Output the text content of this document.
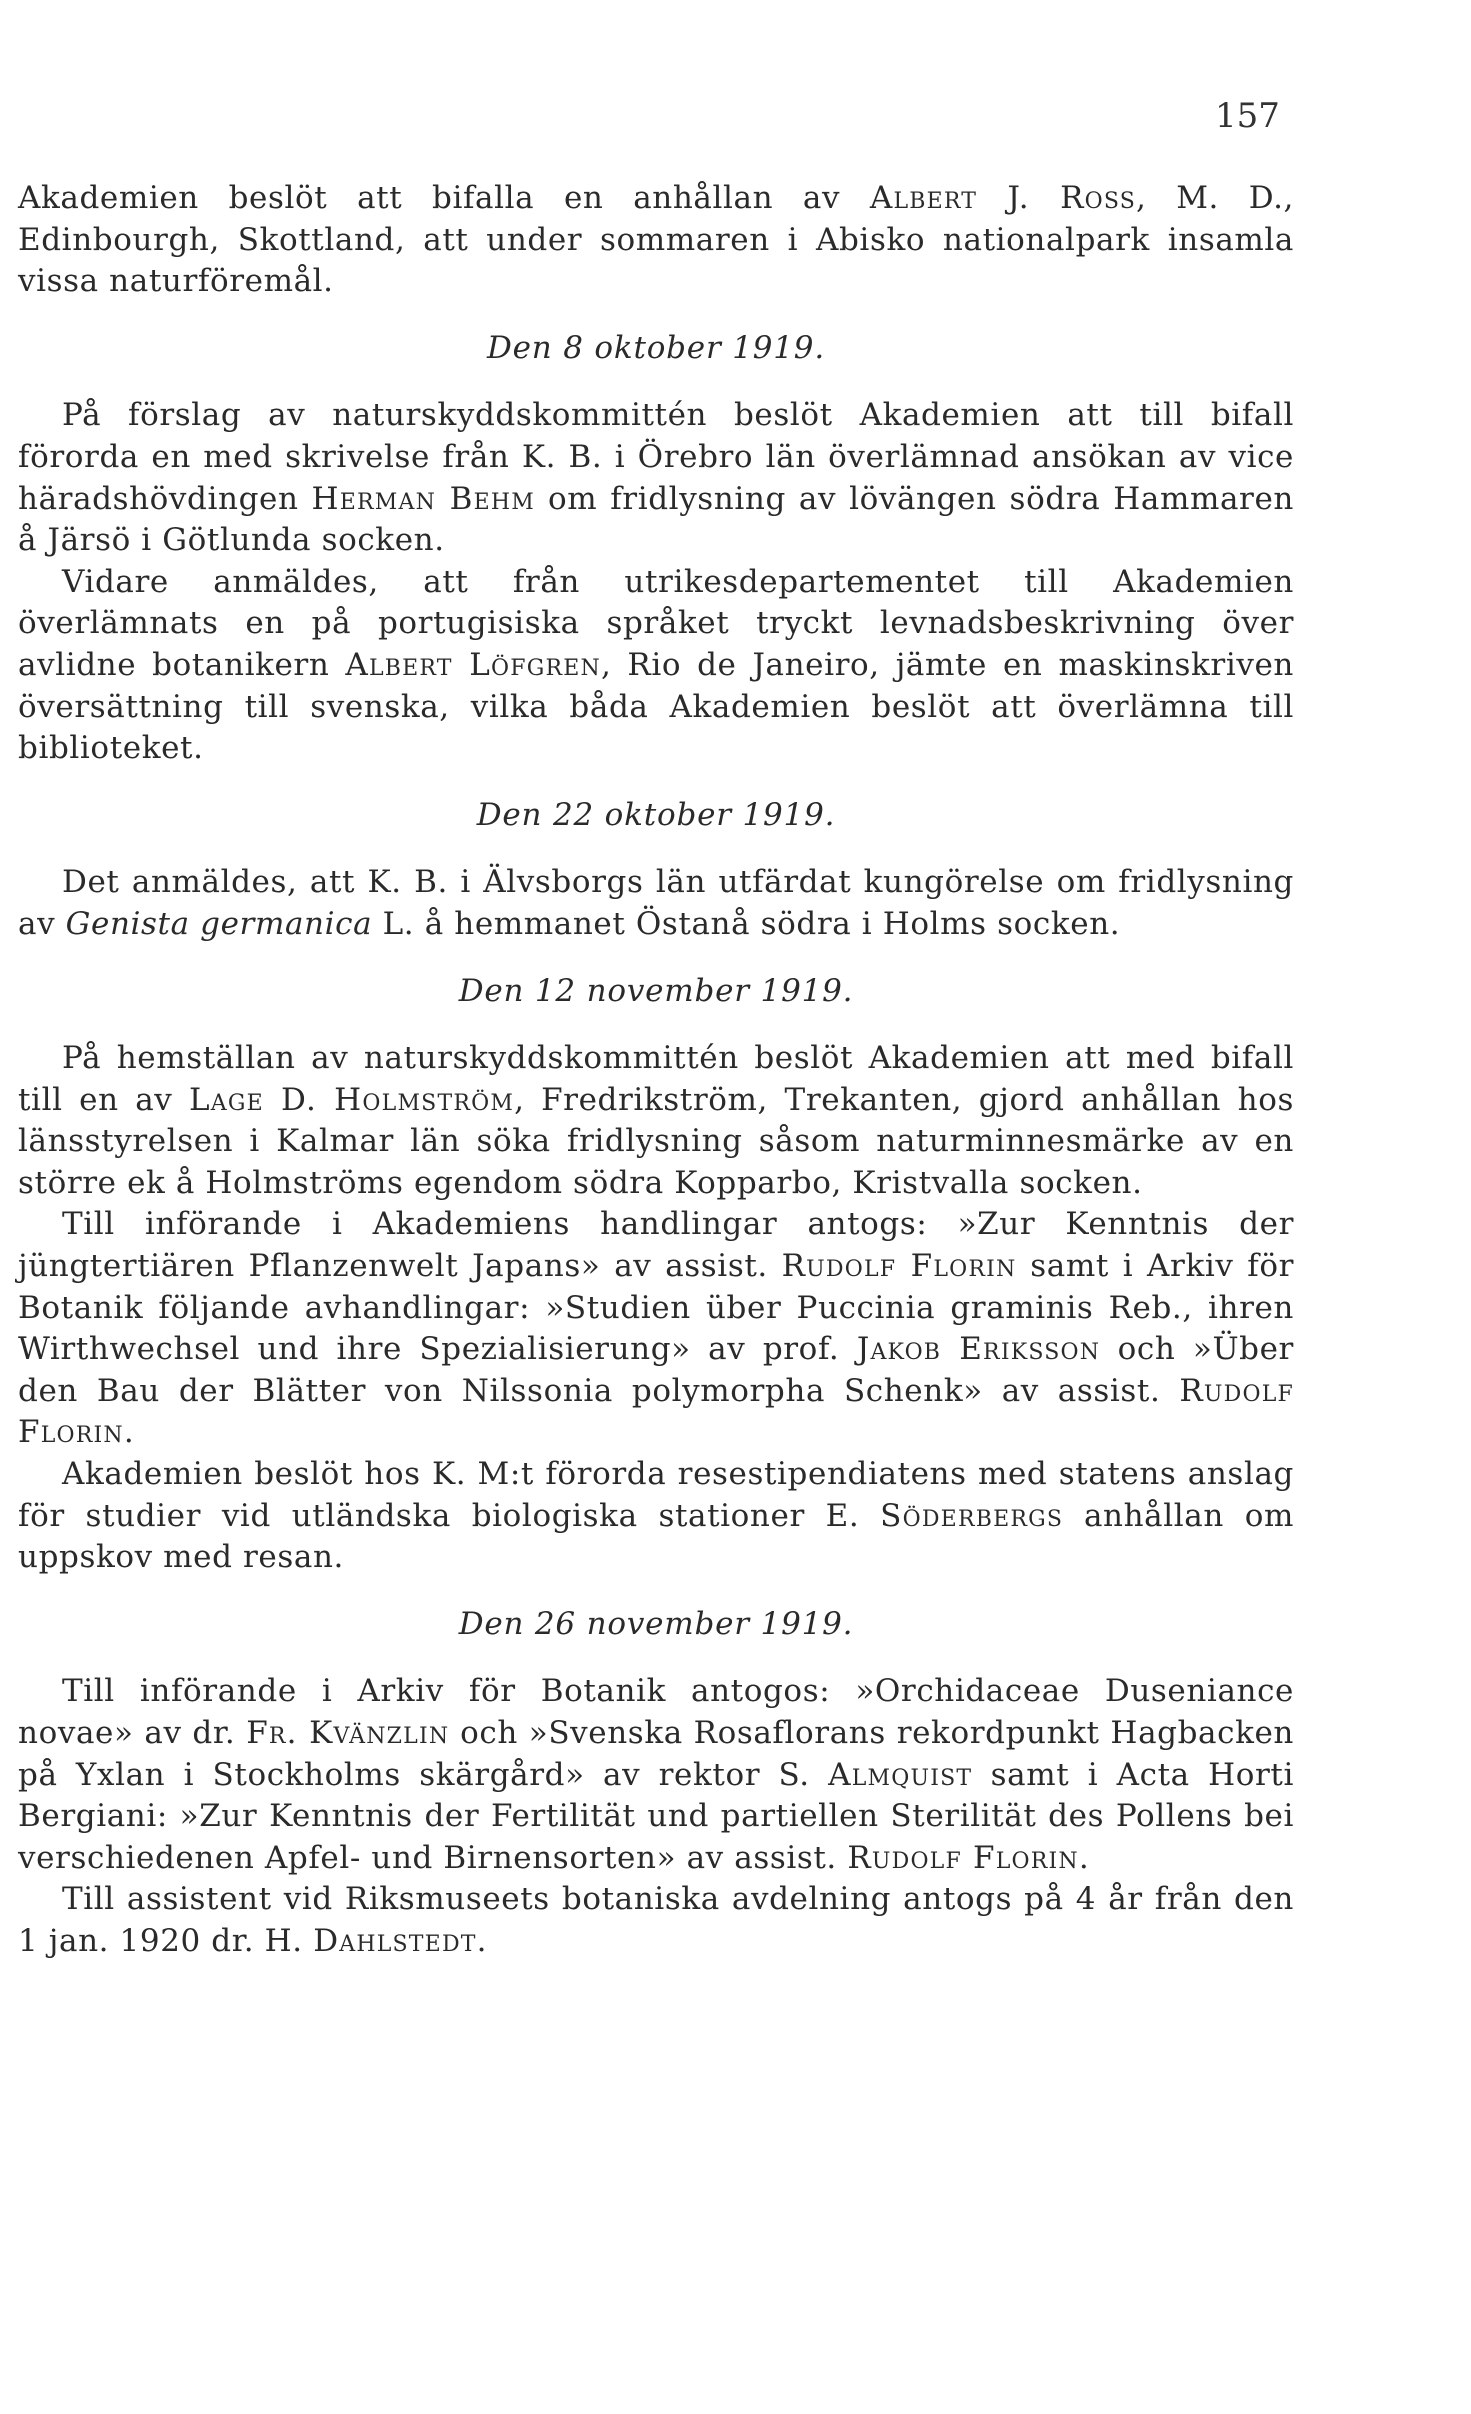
157

Akademien beslöt att bifalla en anhållan av Albert J. Ross, M. D., Edinbourgh, Skottland, att under sommaren i Abisko nationalpark insamla vissa naturföremål.

Den 8 oktober 1919.

På förslag av naturskyddskommittén beslöt Akademien att till bifall förorda en med skrivelse från K. B. i Örebro län överlämnad ansökan av vice häradshövdingen Herman Behm om fridlysning av lövängen södra Hammaren å Järsö i Götlunda socken.

Vidare anmäldes, att från utrikesdepartementet till Akademien överlämnats en på portugisiska språket tryckt levnadsbeskrivning över avlidne botanikern Albert Löfgren, Rio de Janeiro, jämte en maskinskriven översättning till svenska, vilka båda Akademien beslöt att överlämna till biblioteket.

Den 22 oktober 1919.

Det anmäldes, att K. B. i Älvsborgs län utfärdat kungörelse om fridlysning av Genista germanica L. å hemmanet Östanå södra i Holms socken.

Den 12 november 1919.

På hemställan av naturskyddskommittén beslöt Akademien att med bifall till en av Lage D. Holmström, Fredrikström, Trekanten, gjord anhållan hos länsstyrelsen i Kalmar län söka fridlysning såsom naturminnesmärke av en större ek å Holmströms egendom södra Kopparbo, Kristvalla socken.

Till införande i Akademiens handlingar antogs: »Zur Kenntnis der jüngtertiären Pflanzenwelt Japans» av assist. Rudolf Florin samt i Arkiv för Botanik följande avhandlingar: »Studien über Puccinia graminis Reb., ihren Wirthwechsel und ihre Spezialisierung» av prof. Jakob Eriksson och »Über den Bau der Blätter von Nilssonia polymorpha Schenk» av assist. Rudolf Florin.

Akademien beslöt hos K. M:t förorda resestipendiatens med statens anslag för studier vid utländska biologiska stationer E. Söderbergs anhållan om uppskov med resan.

Den 26 november 1919.

Till införande i Arkiv för Botanik antogos: »Orchidaceae Duseniance novae» av dr. Fr. Kvänzlin och »Svenska Rosaflorans rekordpunkt Hagbacken på Yxlan i Stockholms skärgård» av rektor S. Almquist samt i Acta Horti Bergiani: »Zur Kenntnis der Fertilität und partiellen Sterilität des Pollens bei verschiedenen Apfel- und Birnensorten» av assist. Rudolf Florin.

Till assistent vid Riksmuseets botaniska avdelning antogs på 4 år från den 1 jan. 1920 dr. H. Dahlstedt.
